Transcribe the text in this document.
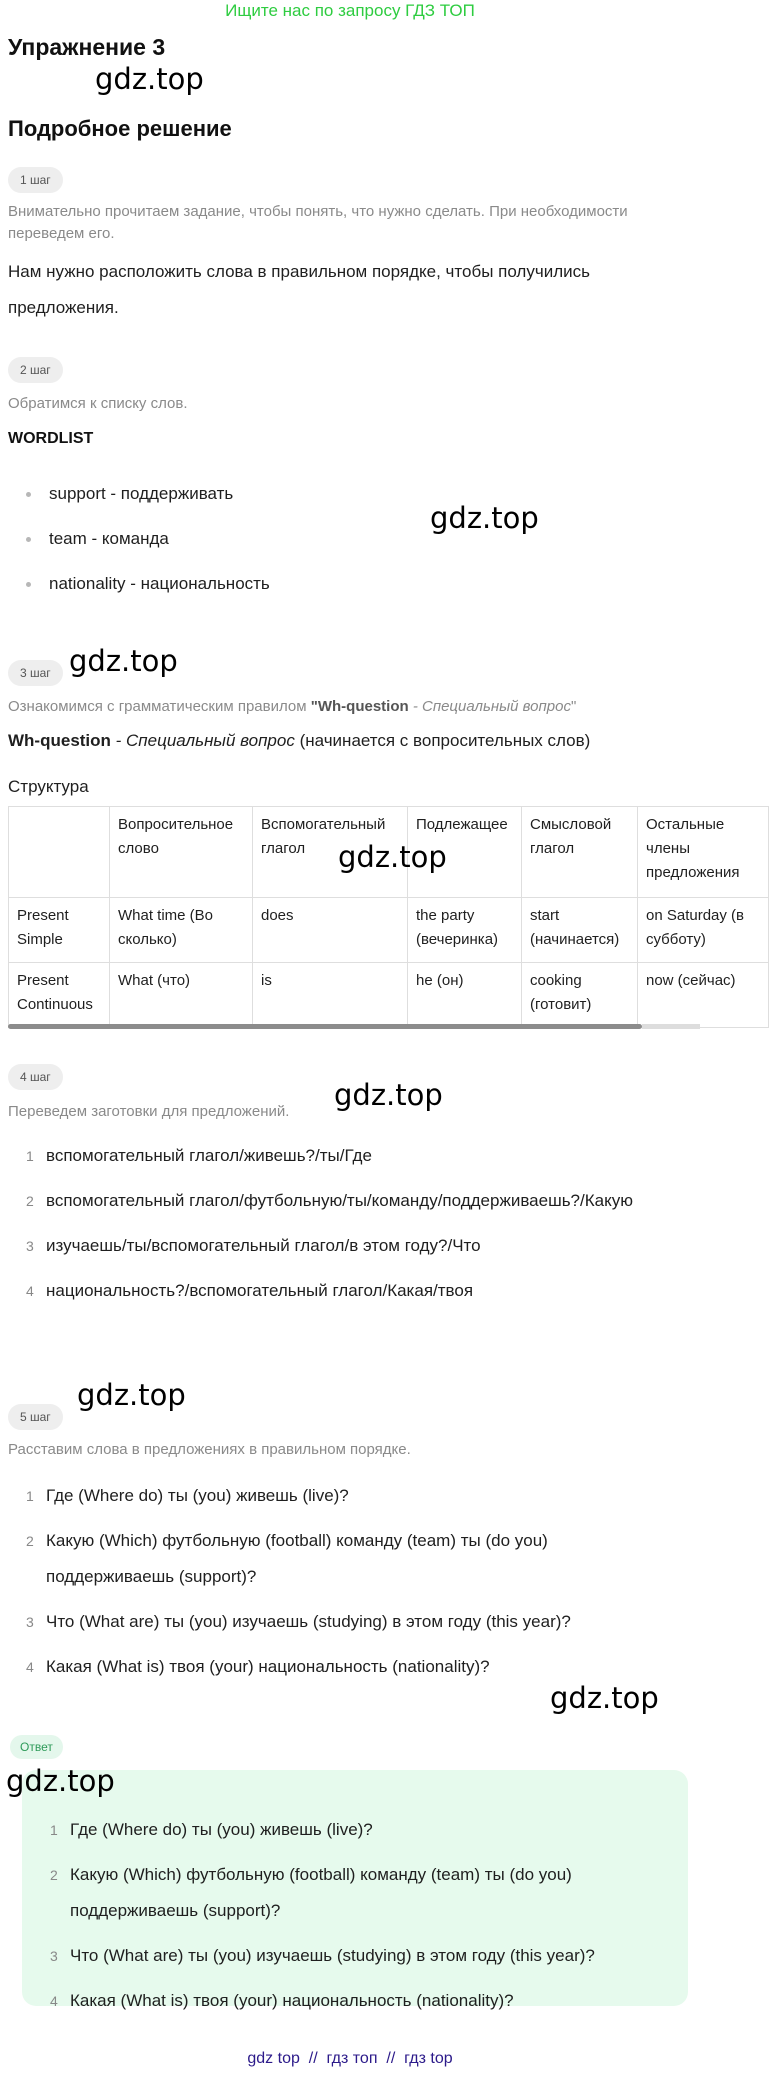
Ищите нас по запросу ГДЗ ТОП
Упражнение 3
gdz.top
Подробное решение
1 шаг
Внимательно прочитаем задание, чтобы понять, что нужно сделать. При необходимости переведем его.
Нам нужно расположить слова в правильном порядке, чтобы получились предложения.
2 шаг
Обратимся к списку слов.
WORDLIST
support - поддерживать
team - команда
nationality - национальность
gdz.top
3 шаг gdz.top
Ознакомимся с грамматическим правилом "Wh-question - Специальный вопрос"
Wh-question - Специальный вопрос (начинается с вопросительных слов)
Структура
	Вопросительное слово	Вспомогательный глагол	Подлежащее	Смысловой глагол	Остальные члены предложения
Present Simple	What time (Во сколько)	does	the party (вечеринка)	start (начинается)	on Saturday (в субботу)
Present Continuous	What (что)	is	he (он)	cooking (готовит)	now (сейчас)
gdz.top
4 шаг
gdz.top
Переведем заготовки для предложений.
1 вспомогательный глагол/живешь?/ты/Где
2 вспомогательный глагол/футбольную/ты/команду/поддерживаешь?/Какую
3 изучаешь/ты/вспомогательный глагол/в этом году?/Что
4 национальность?/вспомогательный глагол/Какая/твоя
5 шаг
gdz.top
Расставим слова в предложениях в правильном порядке.
1 Где (Where do) ты (you) живешь (live)?
2 Какую (Which) футбольную (football) команду (team) ты (do you) поддерживаешь (support)?
3 Что (What are) ты (you) изучаешь (studying) в этом году (this year)?
4 Какая (What is) твоя (your) национальность (nationality)?
gdz.top
Ответ
gdz.top
1 Где (Where do) ты (you) живешь (live)?
2 Какую (Which) футбольную (football) команду (team) ты (do you) поддерживаешь (support)?
3 Что (What are) ты (you) изучаешь (studying) в этом году (this year)?
4 Какая (What is) твоя (your) национальность (nationality)?
gdz top  //  гдз топ  //  гдз top
